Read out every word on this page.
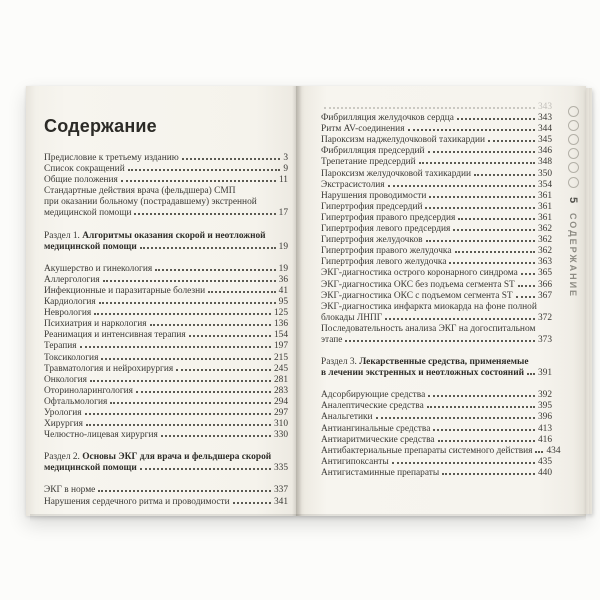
Содержание
Предисловие к третьему изданию	3
Список сокращений	9
Общие положения	11
Стандартные действия врача (фельдшера) СМП
при оказании больному (пострадавшему) экстренной
медицинской помощи	17
Раздел 1. Алгоритмы оказания скорой и неотложной
медицинской помощи	19
Акушерство и гинекология	19
Аллергология	36
Инфекционные и паразитарные болезни	41
Кардиология	95
Неврология	125
Психиатрия и наркология	136
Реанимация и интенсивная терапия	154
Терапия	197
Токсикология	215
Травматология и нейрохирургия	245
Онкология	281
Оториноларингология	283
Офтальмология	294
Урология	297
Хирургия	310
Челюстно-лицевая хирургия	330
Раздел 2. Основы ЭКГ для врача и фельдшера скорой
медицинской помощи	335
ЭКГ в норме	337
Нарушения сердечного ритма и проводимости	341
343
Фибрилляция желудочков сердца	343
Ритм AV-соединения	344
Пароксизм наджелудочковой тахикардии	345
Фибрилляция предсердий	346
Трепетание предсердий	348
Пароксизм желудочковой тахикардии	350
Экстрасистолия	354
Нарушения проводимости	361
Гипертрофия предсердий	361
Гипертрофия правого предсердия	361
Гипертрофия левого предсердия	362
Гипертрофия желудочков	362
Гипертрофия правого желудочка	362
Гипертрофия левого желудочка	363
ЭКГ-диагностика острого коронарного синдрома 365
ЭКГ-диагностика ОКС без подъема сегмента ST 366
ЭКГ-диагностика ОКС с подъемом сегмента ST	367
ЭКГ-диагностика инфаркта миокарда на фоне полной
блокады ЛНПГ	372
Последовательность анализа ЭКГ на догоспитальном
этапе	373
Раздел 3. Лекарственные средства, применяемые
в лечении экстренных и неотложных состояний 391
Адсорбирующие средства	392
Аналептические средства	395
Анальгетики	396
Антиангинальные средства	413
Антиаритмические средства	416
Антибактериальные препараты системного действия 434
Антигипоксанты	435
Антигистаминные препараты	440
5
СОДЕРЖАНИЕ
